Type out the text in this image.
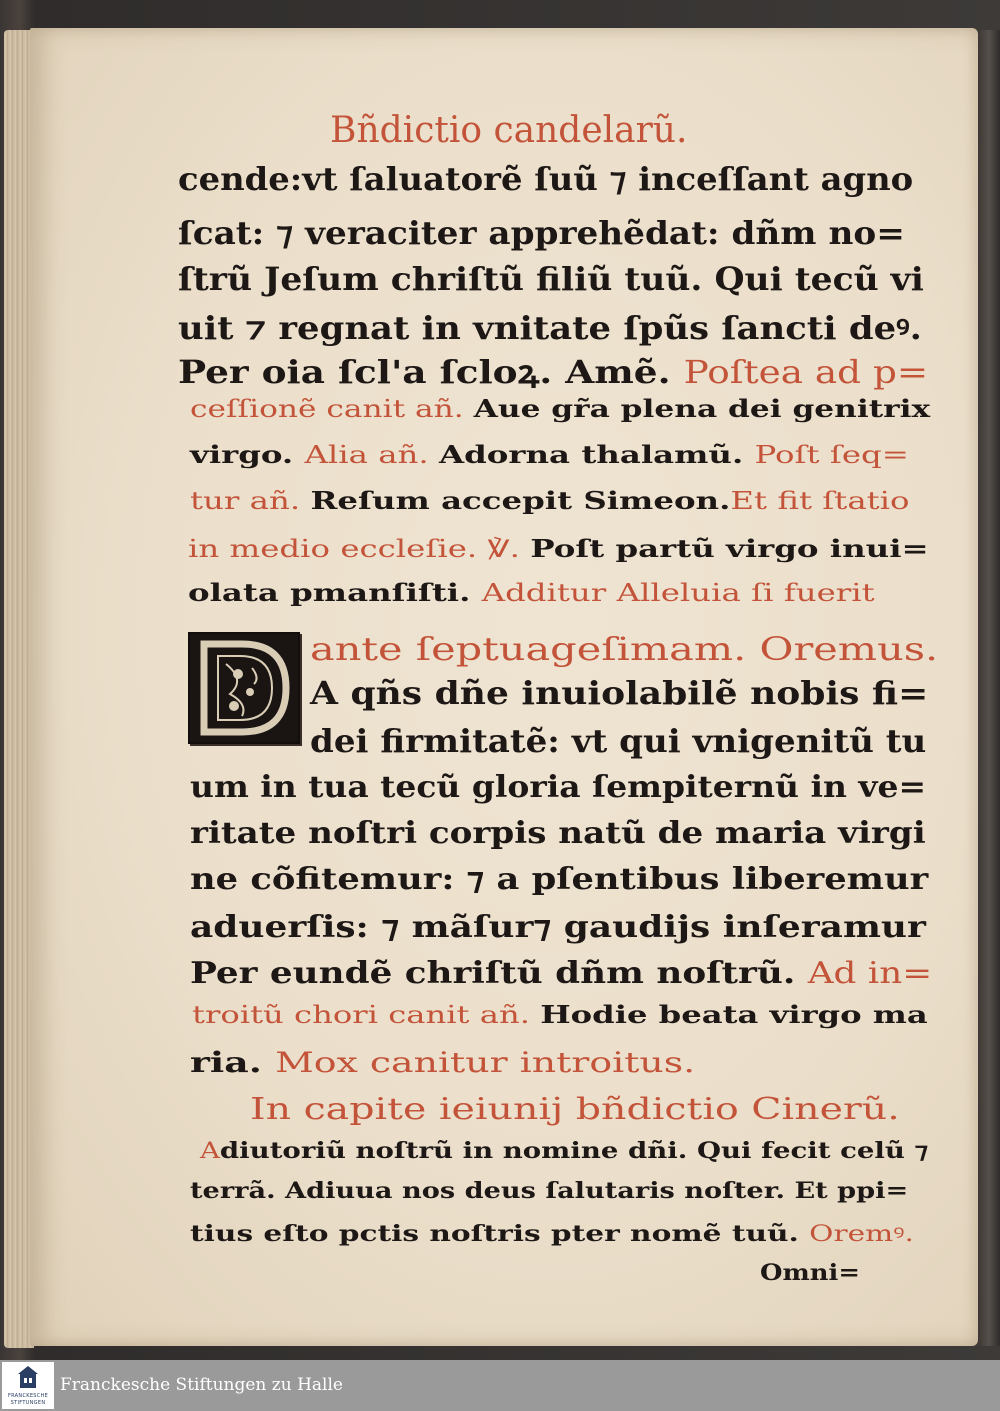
Bñdictio candelarũ.
cende:vt ſaluatorẽ ſuũ ⁊ inceſſant agno
ſcat: ⁊ veraciter apprehẽdat: dñm no=
ſtrũ Jeſum chriſtũ filiũ tuũ. Qui tecũ vi
uit ⁊ regnat in vnitate ſpũs ſancti deꝰ.
Per oia ſcl'a ſcloꝝ. Amẽ. Poſtea ad p=
ceſſionẽ canit añ. Aue gr̃a plena dei genitrix
virgo. Alia añ. Adorna thalamũ. Poſt ſeq=
tur añ. Reſum accepit Simeon.Et fit ſtatio
in medio eccleſie. ℣. Poſt partũ virgo inui=
olata pmanſiſti. Additur Alleluia ſi fuerit
ante ſeptuageſimam. Oremus.
A qñs dñe inuiolabilẽ nobis fi=
dei firmitatẽ: vt qui vnigenitũ tu
um in tua tecũ gloria ſempiternũ in ve=
ritate noſtri corpis natũ de maria virgi
ne cõfitemur: ⁊ a pſentibus liberemur
aduerſis: ⁊ mãſur⁊ gaudijs inſeramur
Per eundẽ chriſtũ dñm noſtrũ. Ad in=
troitũ chori canit añ. Hodie beata virgo ma
ria. Mox canitur introitus.
In capite ieiunij bñdictio Cinerũ.
Adiutoriũ noſtrũ in nomine dñi. Qui fecit celũ ⁊
terrã. Adiuua nos deus ſalutaris noſter. Et ppi=
tius eſto pctis noſtris pter nomẽ tuũ. Oremꝰ.
Omni=
FRANCKESCHE
STIFTUNGEN
Franckesche Stiftungen zu Halle
